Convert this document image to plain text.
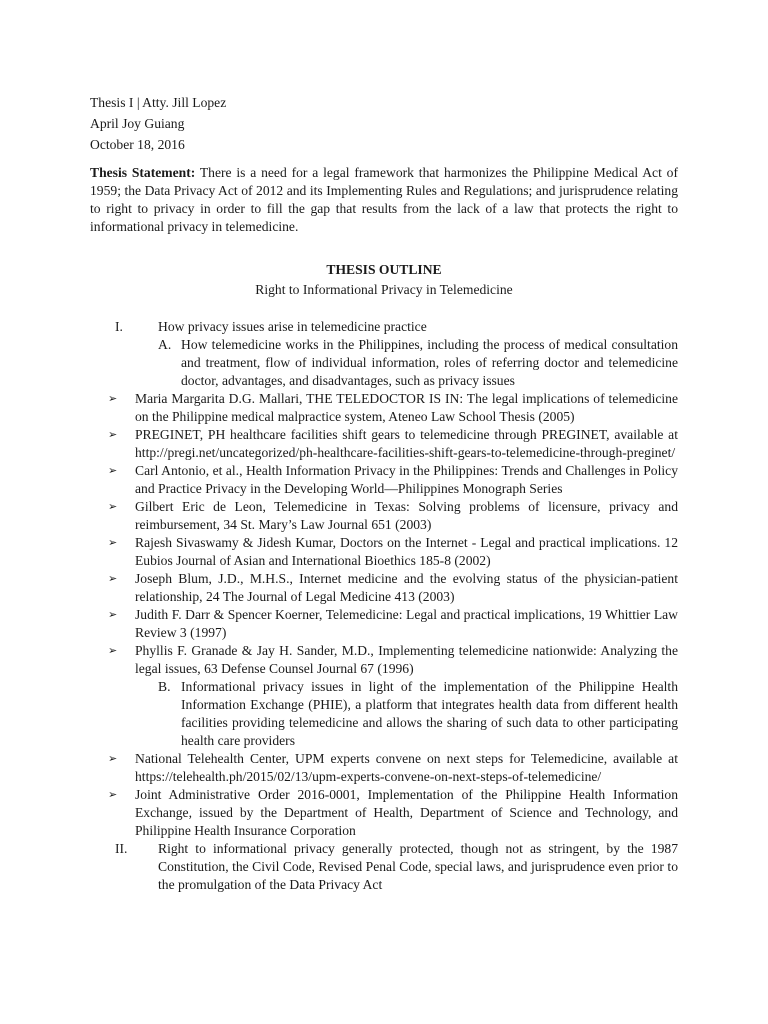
Thesis I | Atty. Jill Lopez
April Joy Guiang
October 18, 2016
Thesis Statement: There is a need for a legal framework that harmonizes the Philippine Medical Act of 1959; the Data Privacy Act of 2012 and its Implementing Rules and Regulations; and jurisprudence relating to right to privacy in order to fill the gap that results from the lack of a law that protects the right to informational privacy in telemedicine.
THESIS OUTLINE
Right to Informational Privacy in Telemedicine
I.	How privacy issues arise in telemedicine practice
A. How telemedicine works in the Philippines, including the process of medical consultation and treatment, flow of individual information, roles of referring doctor and telemedicine doctor, advantages, and disadvantages, such as privacy issues
➢ Maria Margarita D.G. Mallari, THE TELEDOCTOR IS IN: The legal implications of telemedicine on the Philippine medical malpractice system, Ateneo Law School Thesis (2005)
➢ PREGINET, PH healthcare facilities shift gears to telemedicine through PREGINET, available at http://pregi.net/uncategorized/ph-healthcare-facilities-shift-gears-to-telemedicine-through-preginet/
➢ Carl Antonio, et al., Health Information Privacy in the Philippines: Trends and Challenges in Policy and Practice Privacy in the Developing World—Philippines Monograph Series
➢ Gilbert Eric de Leon, Telemedicine in Texas: Solving problems of licensure, privacy and reimbursement, 34 St. Mary’s Law Journal 651 (2003)
➢ Rajesh Sivaswamy & Jidesh Kumar, Doctors on the Internet - Legal and practical implications. 12 Eubios Journal of Asian and International Bioethics 185-8 (2002)
➢ Joseph Blum, J.D., M.H.S., Internet medicine and the evolving status of the physician-patient relationship, 24 The Journal of Legal Medicine 413 (2003)
➢ Judith F. Darr & Spencer Koerner, Telemedicine: Legal and practical implications, 19 Whittier Law Review 3 (1997)
➢ Phyllis F. Granade & Jay H. Sander, M.D., Implementing telemedicine nationwide: Analyzing the legal issues, 63 Defense Counsel Journal 67 (1996)
B. Informational privacy issues in light of the implementation of the Philippine Health Information Exchange (PHIE), a platform that integrates health data from different health facilities providing telemedicine and allows the sharing of such data to other participating health care providers
➢ National Telehealth Center, UPM experts convene on next steps for Telemedicine, available at https://telehealth.ph/2015/02/13/upm-experts-convene-on-next-steps-of-telemedicine/
➢ Joint Administrative Order 2016-0001, Implementation of the Philippine Health Information Exchange, issued by the Department of Health, Department of Science and Technology, and Philippine Health Insurance Corporation
II. Right to informational privacy generally protected, though not as stringent, by the 1987 Constitution, the Civil Code, Revised Penal Code, special laws, and jurisprudence even prior to the promulgation of the Data Privacy Act
